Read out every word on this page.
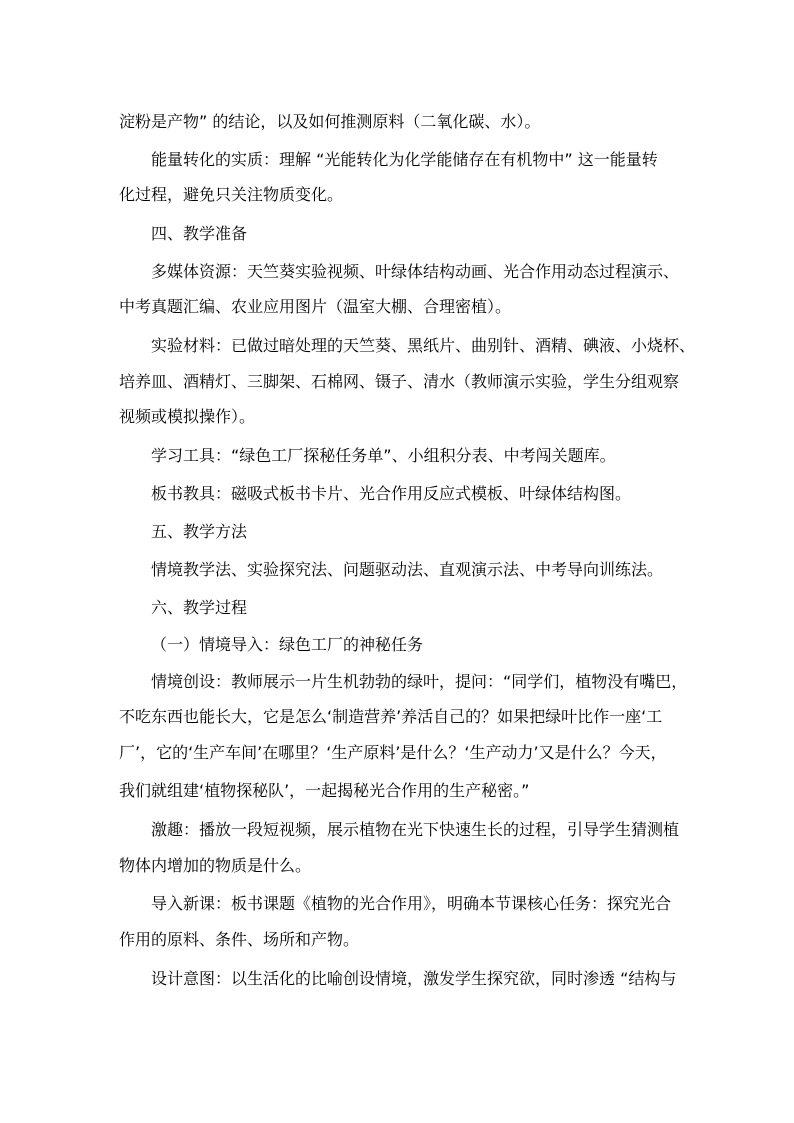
淀粉是产物” 的结论，以及如何推测原料（二氧化碳、水）。
能量转化的实质：理解 “光能转化为化学能储存在有机物中” 这一能量转
化过程，避免只关注物质变化。
四、教学准备
多媒体资源：天竺葵实验视频、叶绿体结构动画、光合作用动态过程演示、
中考真题汇编、农业应用图片（温室大棚、合理密植）。
实验材料：已做过暗处理的天竺葵、黑纸片、曲别针、酒精、碘液、小烧杯、
培养皿、酒精灯、三脚架、石棉网、镊子、清水（教师演示实验，学生分组观察
视频或模拟操作）。
学习工具：“绿色工厂探秘任务单”、小组积分表、中考闯关题库。
板书教具：磁吸式板书卡片、光合作用反应式模板、叶绿体结构图。
五、教学方法
情境教学法、实验探究法、问题驱动法、直观演示法、中考导向训练法。
六、教学过程
（一）情境导入：绿色工厂的神秘任务
情境创设：教师展示一片生机勃勃的绿叶，提问：“同学们，植物没有嘴巴，
不吃东西也能长大，它是怎么‘制造营养’养活自己的？如果把绿叶比作一座‘工
厂’，它的‘生产车间’在哪里？‘生产原料’是什么？‘生产动力’又是什么？今天，
我们就组建‘植物探秘队’，一起揭秘光合作用的生产秘密。”
激趣：播放一段短视频，展示植物在光下快速生长的过程，引导学生猜测植
物体内增加的物质是什么。
导入新课：板书课题《植物的光合作用》，明确本节课核心任务：探究光合
作用的原料、条件、场所和产物。
设计意图：以生活化的比喻创设情境，激发学生探究欲，同时渗透 “结构与
